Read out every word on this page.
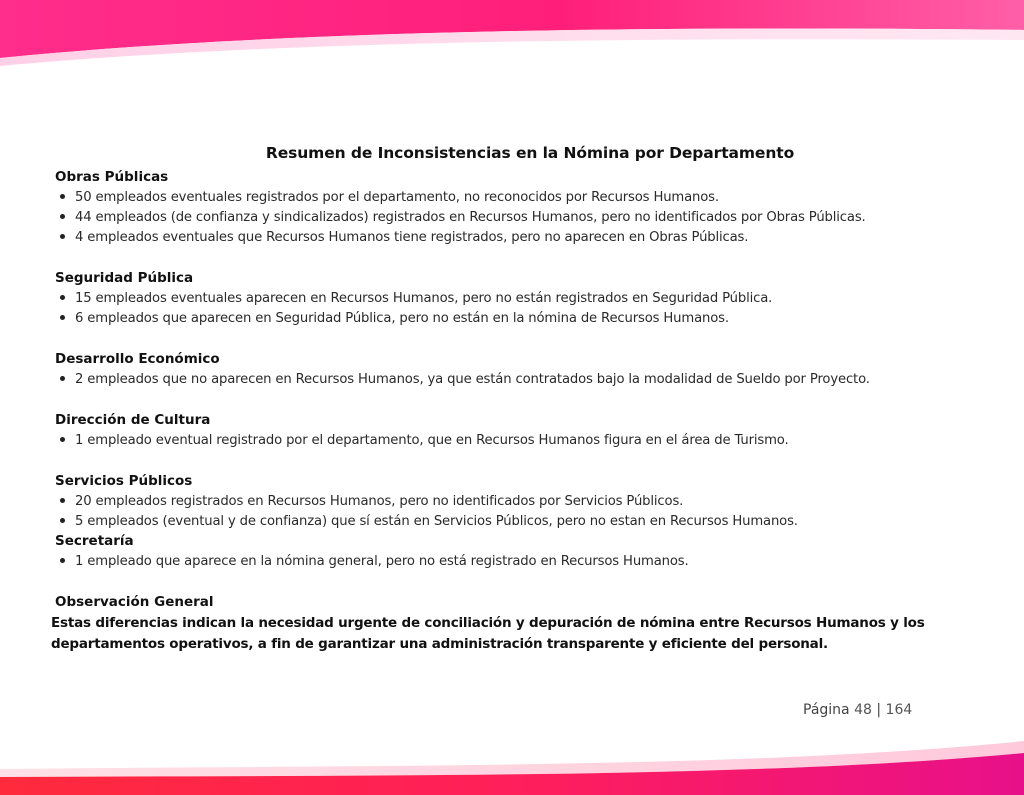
Resumen de Inconsistencias en la Nómina por Departamento
Obras Públicas
50 empleados eventuales registrados por el departamento, no reconocidos por Recursos Humanos.
44 empleados (de confianza y sindicalizados) registrados en Recursos Humanos, pero no identificados por Obras Públicas.
4 empleados eventuales que Recursos Humanos tiene registrados, pero no aparecen en Obras Públicas.
Seguridad Pública
15 empleados eventuales aparecen en Recursos Humanos, pero no están registrados en Seguridad Pública.
6 empleados que aparecen en Seguridad Pública, pero no están en la nómina de Recursos Humanos.
Desarrollo Económico
2 empleados que no aparecen en Recursos Humanos, ya que están contratados bajo la modalidad de Sueldo por Proyecto.
Dirección de Cultura
1 empleado eventual registrado por el departamento, que en Recursos Humanos figura en el área de Turismo.
Servicios Públicos
20 empleados registrados en Recursos Humanos, pero no identificados por Servicios Públicos.
5 empleados (eventual y de confianza) que sí están en Servicios Públicos, pero no estan en Recursos Humanos.
Secretaría
1 empleado que aparece en la nómina general, pero no está registrado en Recursos Humanos.
Observación General
Estas diferencias indican la necesidad urgente de conciliación y depuración de nómina entre Recursos Humanos y los
departamentos operativos, a fin de garantizar una administración transparente y eficiente del personal.
Página 48 | 164
